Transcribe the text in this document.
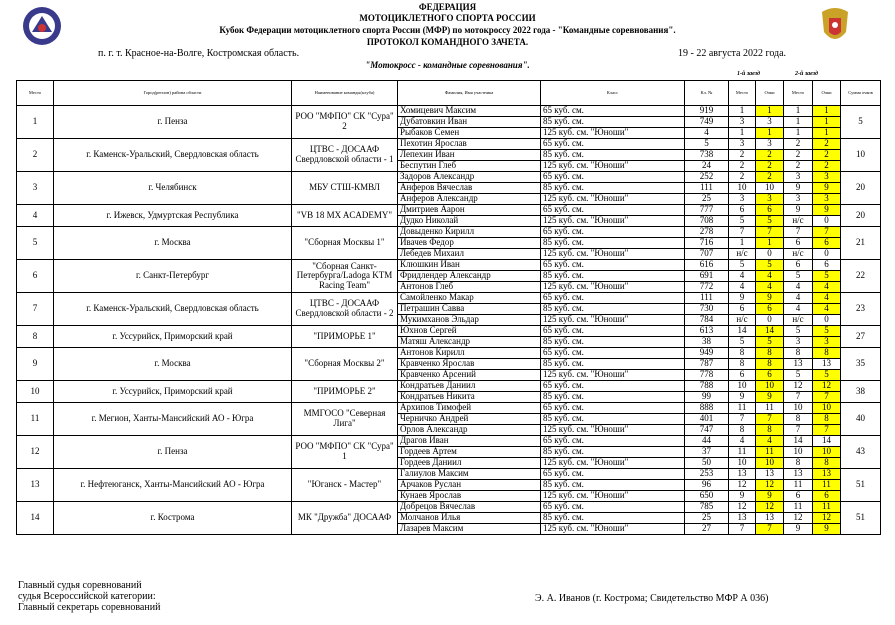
ФЕДЕРАЦИЯ
МОТОЦИКЛЕТНОГО СПОРТА РОССИИ
Кубок Федерации мотоциклетного спорта России (МФР) по мотокроссу 2022 года - "Командные соревнования".
ПРОТОКОЛ КОМАНДНОГО ЗАЧЕТА.
п. г. т. Красное-на-Волге, Костромская область.	19 - 22 августа 2022 года.
"Мотокросс - командные соревнования".
1-й заезд	2-й заезд
Место	Город(регион) района области	Наименование команды(клуба)	Фамилия, Имя участника	Класс	Кл. №	Место	Очки	Место	Очки	Сумма очков
1	г. Пенза	РОО "МФПО" СК "Сура" 2	Хомицевич Максим	65 куб. см.	919	1	1	1	1	5
			Дубатовкин Иван	85 куб. см.	749	3	3	1	1	
			Рыбаков Семен	125 куб. см. "Юноши"	4	1	1	1	1	
2	г. Каменск-Уральский, Свердловская область	ЦТВС - ДОСААФ Свердловской области - 1	Пехотин Ярослав	65 куб. см.	5	3	3	2	2	10
			Лепехин Иван	85 куб. см.	738	2	2	2	2	
			Беспутин Глеб	125 куб. см. "Юноши"	24	2	2	2	2	
3	г. Челябинск	МБУ СТШ-КМВЛ	Задоров Александр	65 куб. см.	252	2	2	3	3	20
			Анферов Вячеслав	85 куб. см.	111	10	10	9	9	
			Анферов Александр	125 куб. см. "Юноши"	25	3	3	3	3	
4	г. Ижевск, Удмуртская Республика	"VB 18 MX ACADEMY"	Дмитриев Аарон	65 куб. см.	777	6	6	9	9	20
			Дудко Николай	125 куб. см. "Юноши"	708	5	5	н/с	0	
5	г. Москва	"Сборная Москвы 1"	Довыденко Кирилл	65 куб. см.	278	7	7	7	7	21
			Ивачев Федор	85 куб. см.	716	1	1	6	6	
			Лебедев Михаил	125 куб. см. "Юноши"	707	н/с	0	н/с	0	
6	г. Санкт-Петербург	"Сборная Санкт-Петербурга/Ladoga KTM Racing Team"	Клюшкин Иван	65 куб. см.	616	5	5	6	6	22
			Фридлендер Александр	85 куб. см.	691	4	4	5	5	
			Антонов Глеб	125 куб. см. "Юноши"	772	4	4	4	4	
7	г. Каменск-Уральский, Свердловская область	ЦТВС - ДОСААФ Свердловской области - 2	Самойленко Макар	65 куб. см.	111	9	9	4	4	23
			Петрашин Савва	85 куб. см.	730	6	6	4	4	
			Мукимханов Эльдар	125 куб. см. "Юноши"	784	н/с	0	н/с	0	
8	г. Уссурийск, Приморский край	"ПРИМОРЬЕ 1"	Юхнов Сергей	65 куб. см.	613	14	14	5	5	27
			Матяш Александр	85 куб. см.	38	5	5	3	3	
9	г. Москва	"Сборная Москвы 2"	Антонов Кирилл	65 куб. см.	949	8	8	8	8	35
			Кравченко Ярослав	85 куб. см.	787	8	8	13	13	
			Кравченко Арсений	125 куб. см. "Юноши"	778	6	6	5	5	
10	г. Уссурийск, Приморский край	"ПРИМОРЬЕ 2"	Кондратьев Даниил	65 куб. см.	788	10	10	12	12	38
			Кондратьев Никита	85 куб. см.	99	9	9	7	7	
11	г. Мегион, Ханты-Мансийский АО - Югра	ММГОСО "Северная Лига"	Архипов Тимофей	65 куб. см.	888	11	11	10	10	40
			Черничко Андрей	85 куб. см.	401	7	7	8	8	
			Орлов Александр	125 куб. см. "Юноши"	747	8	8	7	7	
12	г. Пенза	РОО "МФПО" СК "Сура" 1	Драгов Иван	65 куб. см.	44	4	4	14	14	43
			Гордеев Артем	85 куб. см.	37	11	11	10	10	
			Гордеев Даниил	125 куб. см. "Юноши"	50	10	10	8	8	
13	г. Нефтеюганск, Ханты-Мансийский АО - Югра	"Юганск - Мастер"	Галиулов Максим	65 куб. см.	253	13	13	13	13	51
			Арчаков Руслан	85 куб. см.	96	12	12	11	11	
			Кунаев Ярослав	125 куб. см. "Юноши"	650	9	9	6	6	
14	г. Кострома	МК "Дружба" ДОСААФ	Добрецов Вячеслав	65 куб. см.	785	12	12	11	11	51
			Молчанов Илья	85 куб. см.	25	13	13	12	12	
			Лазарев Максим	125 куб. см. "Юноши"	27	7	7	9	9	
Главный судья соревнований
судья Всероссийской категории:
Главный секретарь соревнований
Э. А. Иванов (г. Кострома; Свидетельство МФР А 036)
